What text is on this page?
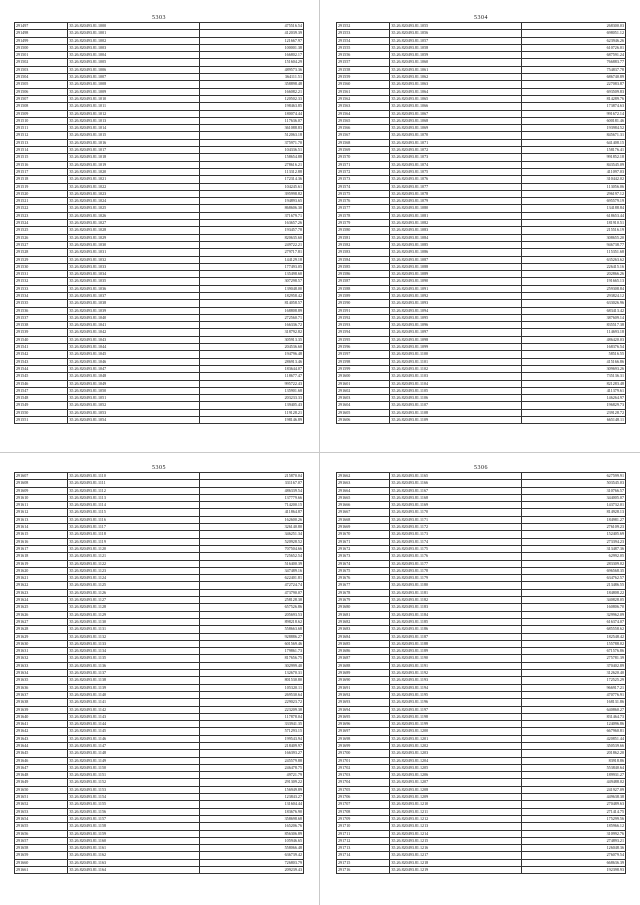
5303
291497	35.26.820493.81.1000	475516.54
291498	35.26.820493.81.1001	412039.39
291499	35.26.820493.81.1002	121667.97
291500	35.26.820493.81.1003	100001.38
291501	35.26.820493.81.1004	166802.17
291502	35.26.820493.81.1005	151604.29
291503	35.26.820493.81.1006	489573.36
291504	35.26.820493.81.1007	364111.51
291505	35.26.820493.81.1008	358898.48
291506	35.26.820493.81.1009	166082.21
291507	35.26.820493.81.1010	120502.33
291508	35.26.820493.81.1011	198463.85
291509	35.26.820493.81.1012	180074.44
291510	35.26.820493.81.1013	117636.07
291511	35.26.820493.81.1014	361088.83
291512	35.26.820493.81.1015	512063.18
291513	35.26.820493.81.1016	375971.70
291514	35.26.820493.81.1017	104336.51
291515	35.26.820493.81.1018	158654.88
291516	35.26.820493.81.1019	278616.21
291517	35.26.820493.81.1020	113312.88
291518	35.26.820493.81.1021	172314.36
291519	35.26.820493.81.1022	104245.61
291520	35.26.820493.81.1023	395998.82
291521	35.26.820493.81.1024	194893.65
291522	35.26.820493.81.1025	868606.30
291523	35.26.820493.81.1026	371679.71
291524	35.26.820493.81.1027	163657.26
291525	35.26.820493.81.1028	193457.78
291526	35.26.820493.81.1029	820635.60
291527	35.26.820493.81.1030	249722.21
291528	35.26.820493.81.1031	279717.81
291529	35.26.820493.81.1032	144129.18
291530	35.26.820493.81.1033	177493.05
291531	35.26.820493.81.1034	135498.60
291532	35.26.820493.81.1035	307298.57
291533	35.26.820493.81.1036	139048.00
291534	35.26.820493.81.1037	182958.42
291535	35.26.820493.81.1038	814058.57
291536	35.26.820493.81.1039	168808.89
291537	35.26.820493.81.1040	272560.71
291538	35.26.820493.81.1041	166336.72
291539	35.26.820493.81.1042	318792.82
291540	35.26.820493.81.1043	305913.35
291541	35.26.820493.81.1044	204536.60
291542	35.26.820493.81.1045	194796.48
291543	35.26.820493.81.1046	286913.46
291544	35.26.820493.81.1047	183644.07
291545	35.26.820493.81.1048	118677.47
291546	35.26.820493.81.1049	995722.43
291547	35.26.820493.81.1050	135901.68
291548	35.26.820493.81.1051	203233.33
291549	35.26.820493.81.1052	139405.43
291550	35.26.820493.81.1053	119128.21
291551	35.26.820493.81.1054	198146.89
5304
291552	35.26.820493.81.1055	268300.03
291553	35.26.820493.81.1056	698051.12
291554	35.26.820493.81.1057	623946.26
291555	35.26.820493.81.1058	610726.01
291556	35.26.820493.81.1059	687591.24
291557	35.26.820493.81.1060	766883.77
291558	35.26.820493.81.1061	754837.78
291559	35.26.820493.81.1062	686740.89
291560	35.26.820493.81.1063	227083.87
291561	35.26.820493.81.1064	693509.83
291562	35.26.820493.81.1065	814289.76
291563	35.26.820493.81.1066	173874.63
291564	35.26.820493.81.1067	991672.14
291565	35.26.820493.81.1068	600181.46
291566	35.26.820493.81.1069	193984.52
291567	35.26.820493.81.1070	845671.31
291568	35.26.820493.81.1071	641408.15
291569	35.26.820493.81.1072	158176.41
291570	35.26.820493.81.1073	991852.18
291571	35.26.820493.81.1074	843545.09
291572	35.26.820493.81.1075	411097.03
291573	35.26.820493.81.1076	310442.02
291574	35.26.820493.81.1077	113056.06
291575	35.26.820493.81.1078	296197.12
291576	35.26.820493.81.1079	695579.19
291577	35.26.820493.81.1080	134188.84
291578	35.26.820493.81.1081	618653.44
291579	35.26.820493.81.1082	181910.51
291580	35.26.820493.81.1083	215516.19
291581	35.26.820493.81.1084	308655.20
291582	35.26.820493.81.1085	946738.77
291583	35.26.820493.81.1086	115351.68
291584	35.26.820493.81.1087	635263.62
291585	35.26.820493.81.1088	226415.16
291586	35.26.820493.81.1089	202866.26
291587	35.26.820493.81.1090	191665.13
291588	35.26.820493.81.1091	259308.84
291589	35.26.820493.81.1092	293824.12
291590	35.26.820493.81.1093	633026.96
291591	35.26.820493.81.1094	683413.42
291592	35.26.820493.81.1095	387609.14
291593	35.26.820493.81.1096	835517.38
291594	35.26.820493.81.1097	114693.18
291595	35.26.820493.81.1098	486420.03
291596	35.26.820493.81.1099	168376.54
291597	35.26.820493.81.1100	58516.55
291598	35.26.820493.81.1101	415166.86
291599	35.26.820493.81.1102	309693.26
291600	35.26.820493.81.1103	735136.31
291601	35.26.820493.81.1104	821283.48
291602	35.26.820493.81.1105	411379.61
291603	35.26.820493.81.1106	146264.97
291604	35.26.820493.81.1107	196829.73
291605	35.26.820493.81.1108	239128.72
291606	35.26.820493.81.1109	665148.11
5305
291607	35.26.820493.81.1110	215870.04
291608	35.26.820493.81.1111	331167.07
291609	35.26.820493.81.1112	486339.54
291610	35.26.820493.81.1113	137779.66
291611	35.26.820493.81.1114	714200.15
291612	35.26.820493.81.1115	411864.87
291613	35.26.820493.81.1116	162600.26
291614	35.26.820493.81.1117	326140.80
291615	35.26.820493.81.1118	346251.34
291616	35.26.820493.81.1119	520928.52
291617	35.26.820493.81.1120	707504.66
291618	35.26.820493.81.1121	725652.54
291619	35.26.820493.81.1122	516400.39
291620	35.26.820493.81.1123	347489.16
291621	35.26.820493.81.1124	622401.81
291622	35.26.820493.81.1125	472724.74
291623	35.26.820493.81.1126	473790.07
291624	35.26.820493.81.1127	258128.38
291625	35.26.820493.81.1128	657526.86
291626	35.26.820493.81.1129	205693.53
291627	35.26.820493.81.1130	898218.62
291628	35.26.820493.81.1131	558663.68
291629	35.26.820493.81.1132	928886.27
291630	35.26.820493.81.1133	601569.46
291631	35.26.820493.81.1134	179861.73
291632	35.26.820493.81.1135	817656.75
291633	35.26.820493.81.1136	302999.40
291634	35.26.820493.81.1137	132670.31
291635	35.26.820493.81.1138	801530.80
291636	35.26.820493.81.1139	105320.11
291637	35.26.820493.81.1140	269530.64
291638	35.26.820493.81.1141	229023.72
291639	35.26.820493.81.1142	223209.38
291640	35.26.820493.81.1143	117878.04
291641	35.26.820493.81.1144	333941.35
291642	35.26.820493.81.1145	571293.15
291643	35.26.820493.81.1146	199543.94
291644	35.26.820493.81.1147	218409.97
291645	35.26.820493.81.1148	166393.27
291646	35.26.820493.81.1149	245579.88
291647	35.26.820493.81.1150	246478.75
291648	35.26.820493.81.1151	49721.79
291649	35.26.820493.81.1152	291309.22
291650	35.26.820493.81.1153	156949.89
291651	35.26.820493.81.1154	123843.27
291652	35.26.820493.81.1155	131604.44
291653	35.26.820493.81.1156	183676.90
291654	35.26.820493.81.1157	358698.68
291655	35.26.820493.81.1158	165206.76
291656	35.26.820493.81.1159	856306.89
291657	35.26.820493.81.1160	105946.65
291658	35.26.820493.81.1161	558066.48
291659	35.26.820493.81.1162	636739.42
291660	35.26.820493.81.1163	726803.79
291661	35.26.820493.81.1164	209239.43
5306
291662	35.26.820493.81.1165	627599.91
291663	35.26.820493.81.1166	503545.03
291664	35.26.820493.81.1167	310766.57
291665	35.26.820493.81.1168	344005.07
291666	35.26.820493.81.1169	143732.01
291667	35.26.820493.81.1170	814928.13
291668	35.26.820493.81.1171	184981.27
291669	35.26.820493.81.1172	276109.23
291670	35.26.820493.81.1173	152405.69
291671	35.26.820493.81.1174	273394.23
291672	35.26.820493.81.1175	313487.36
291673	35.26.820493.81.1176	62992.05
291674	35.26.820493.81.1177	283309.02
291675	35.26.820493.81.1178	696568.35
291676	35.26.820493.81.1179	634762.57
291677	35.26.820493.81.1180	213486.55
291678	35.26.820493.81.1181	184808.22
291679	35.26.820493.81.1182	340828.05
291680	35.26.820493.81.1183	160806.70
291681	35.26.820493.81.1184	329962.09
291682	35.26.820493.81.1185	616374.07
291683	35.26.820493.81.1186	685558.62
291684	35.26.820493.81.1187	182548.42
291685	35.26.820493.81.1188	155788.02
291686	35.26.820493.81.1189	671576.86
291687	35.26.820493.81.1190	275781.39
291688	35.26.820493.81.1191	370402.89
291689	35.26.820493.81.1192	312620.40
291690	35.26.820493.81.1193	172525.29
291691	35.26.820493.81.1194	966917.21
291692	35.26.820493.81.1195	470776.91
291693	35.26.820493.81.1196	168131.86
291694	35.26.820493.81.1197	640860.27
291695	35.26.820493.81.1198	831464.73
291696	35.26.820493.81.1199	124096.86
291697	35.26.820493.81.1200	667960.81
291698	35.26.820493.81.1201	420851.44
291699	35.26.820493.81.1202	350539.66
291700	35.26.820493.81.1203	201862.20
291701	35.26.820493.81.1204	83918.86
291702	35.26.820493.81.1205	553840.64
291703	35.26.820493.81.1206	189931.27
291704	35.26.820493.81.1207	449488.02
291705	35.26.820493.81.1208	241927.09
291706	35.26.820493.81.1209	449638.38
291707	35.26.820493.81.1210	270489.63
291708	35.26.820493.81.1211	271414.75
291709	35.26.820493.81.1212	175299.56
291710	35.26.820493.81.1213	185966.12
291711	35.26.820493.81.1214	310992.76
291712	35.26.820493.81.1215	274893.21
291713	35.26.820493.81.1216	126048.36
291714	35.26.820493.81.1217	276079.54
291715	35.26.820493.81.1218	668636.39
291716	35.26.820493.81.1219	192398.93
